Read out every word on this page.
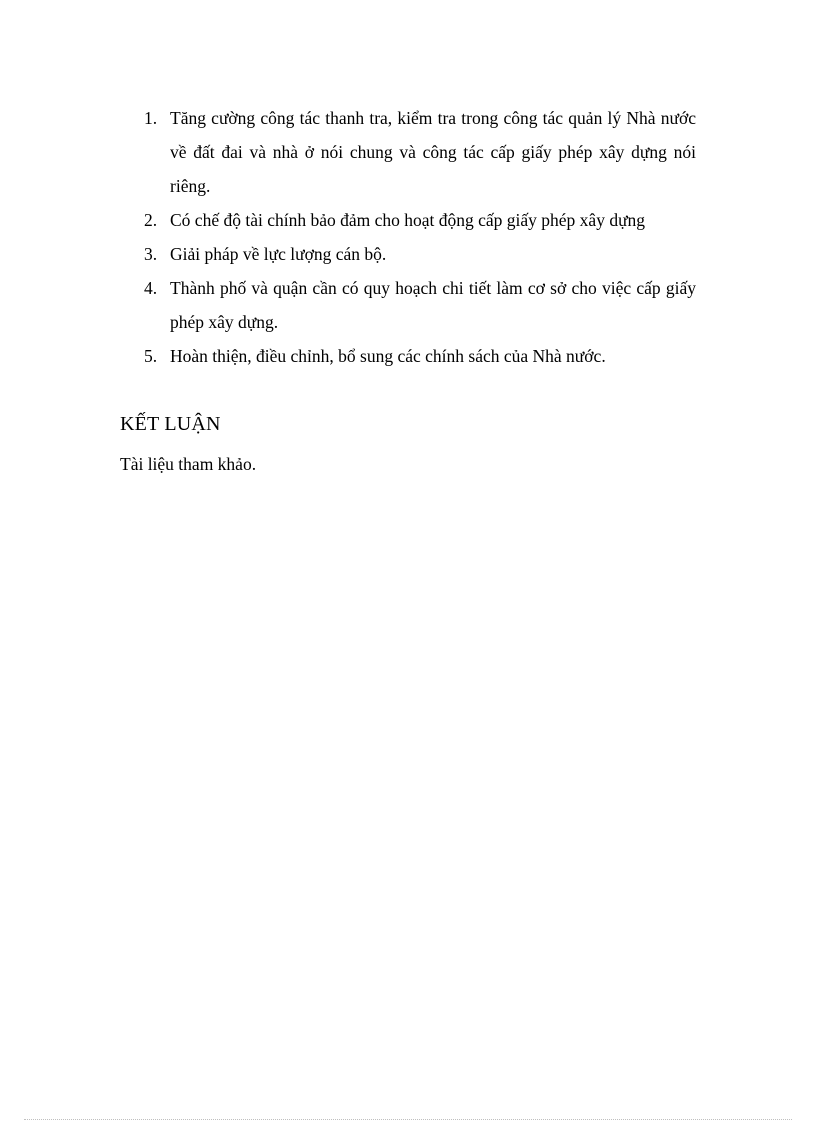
1. Tăng cường công tác thanh tra, kiểm tra trong công tác quản lý Nhà nước về đất đai và nhà ở nói chung và công tác cấp giấy phép xây dựng nói riêng.
2. Có chế độ tài chính bảo đảm cho hoạt động cấp giấy phép xây dựng
3. Giải pháp về lực lượng cán bộ.
4. Thành phố và quận cần có quy hoạch chi tiết làm cơ sở cho việc cấp giấy phép xây dựng.
5. Hoàn thiện, điều chỉnh, bổ sung các chính sách của Nhà nước.
KẾT LUẬN

Tài liệu tham khảo.
